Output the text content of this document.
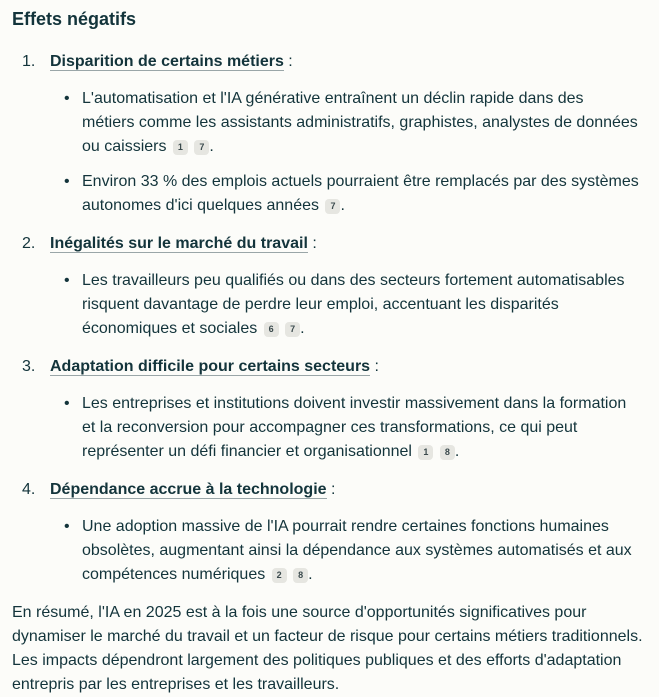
Effets négatifs
1. Disparition de certains métiers :
• L'automatisation et l'IA générative entraînent un déclin rapide dans des métiers comme les assistants administratifs, graphistes, analystes de données ou caissiers 1 7 .
• Environ 33 % des emplois actuels pourraient être remplacés par des systèmes autonomes d'ici quelques années 7 .
2. Inégalités sur le marché du travail :
• Les travailleurs peu qualifiés ou dans des secteurs fortement automatisables risquent davantage de perdre leur emploi, accentuant les disparités économiques et sociales 6 7 .
3. Adaptation difficile pour certains secteurs :
• Les entreprises et institutions doivent investir massivement dans la formation et la reconversion pour accompagner ces transformations, ce qui peut représenter un défi financier et organisationnel 1 8 .
4. Dépendance accrue à la technologie :
• Une adoption massive de l'IA pourrait rendre certaines fonctions humaines obsolètes, augmentant ainsi la dépendance aux systèmes automatisés et aux compétences numériques 2 8 .

En résumé, l'IA en 2025 est à la fois une source d'opportunités significatives pour dynamiser le marché du travail et un facteur de risque pour certains métiers traditionnels. Les impacts dépendront largement des politiques publiques et des efforts d'adaptation entrepris par les entreprises et les travailleurs.
